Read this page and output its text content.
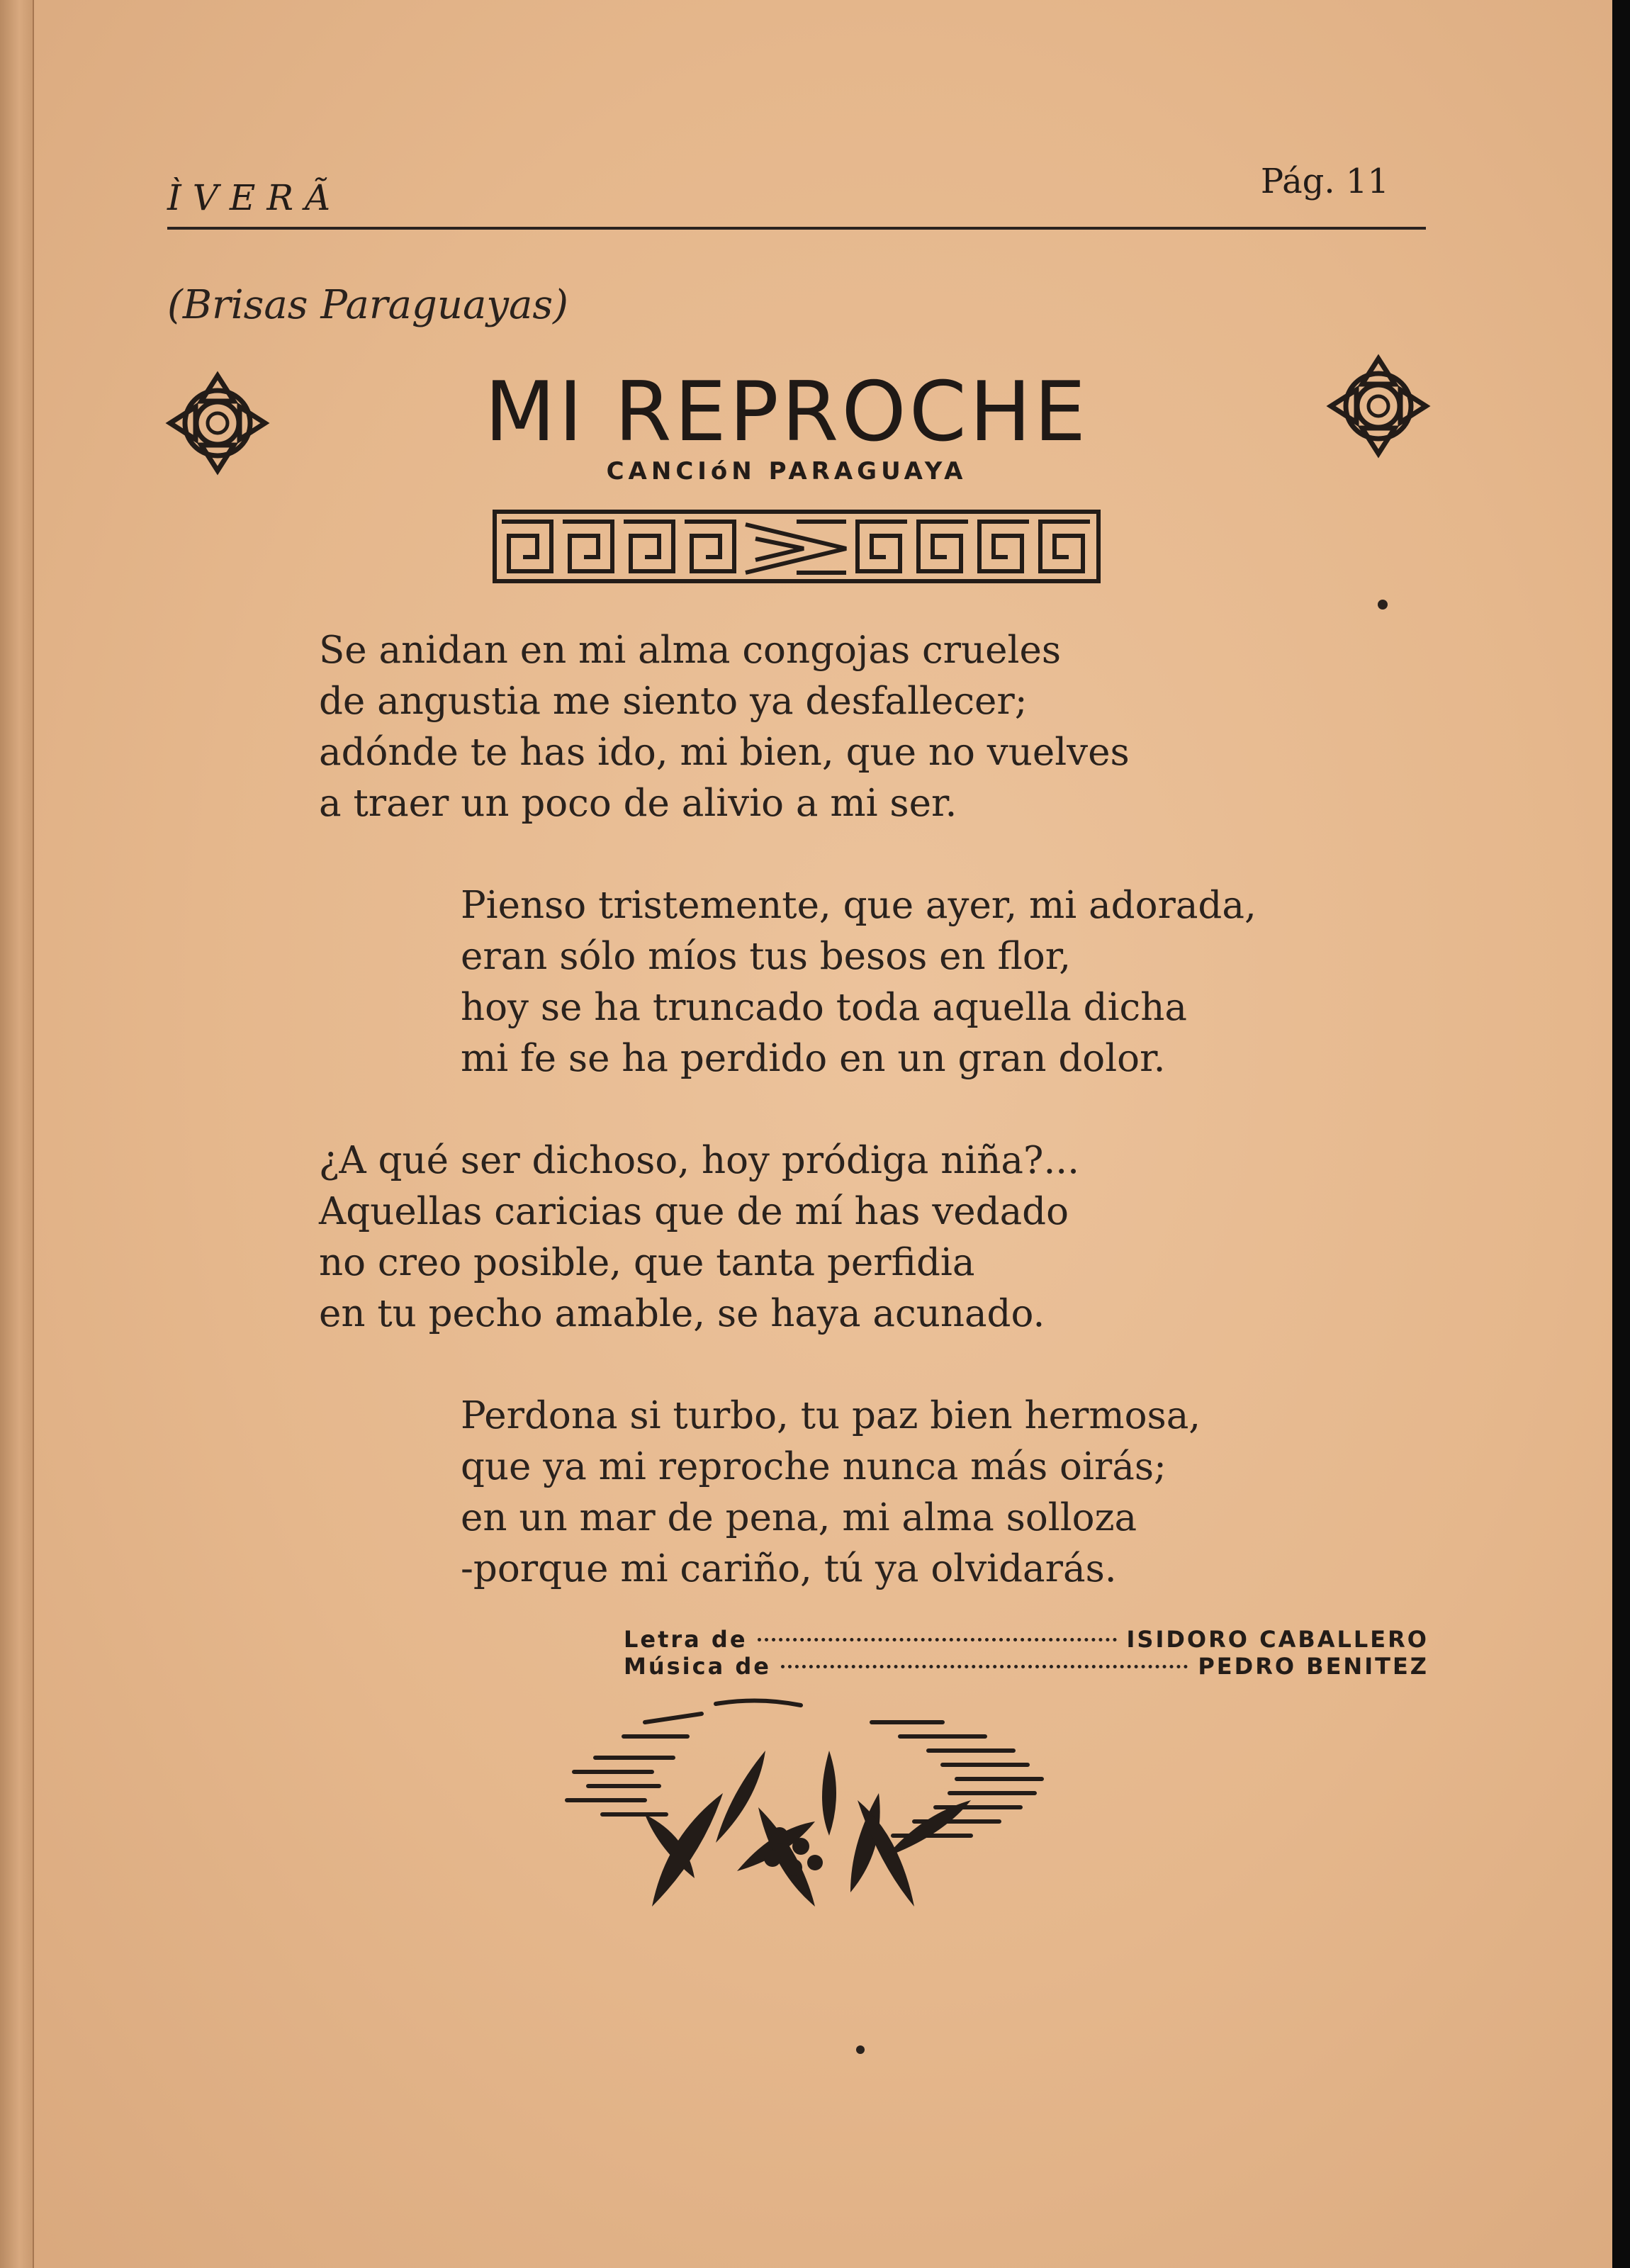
ÌVERÃ	Pág. 11
(Brisas Paraguayas)
MI REPROCHE
CANCIóN PARAGUAYA
Se anidan en mi alma congojas crueles
de angustia me siento ya desfallecer;
adónde te has ido, mi bien, que no vuelves
a traer un poco de alivio a mi ser.
Pienso tristemente, que ayer, mi adorada,
eran sólo míos tus besos en flor,
hoy se ha truncado toda aquella dicha
mi fe se ha perdido en un gran dolor.
¿A qué ser dichoso, hoy pródiga niña?...
Aquellas caricias que de mí has vedado
no creo posible, que tanta perfidia
en tu pecho amable, se haya acunado.
Perdona si turbo, tu paz bien hermosa,
que ya mi reproche nunca más oirás;
en un mar de pena, mi alma solloza
-porque mi cariño, tú ya olvidarás.
Letra de	ISIDORO CABALLERO
Música de	PEDRO BENITEZ
